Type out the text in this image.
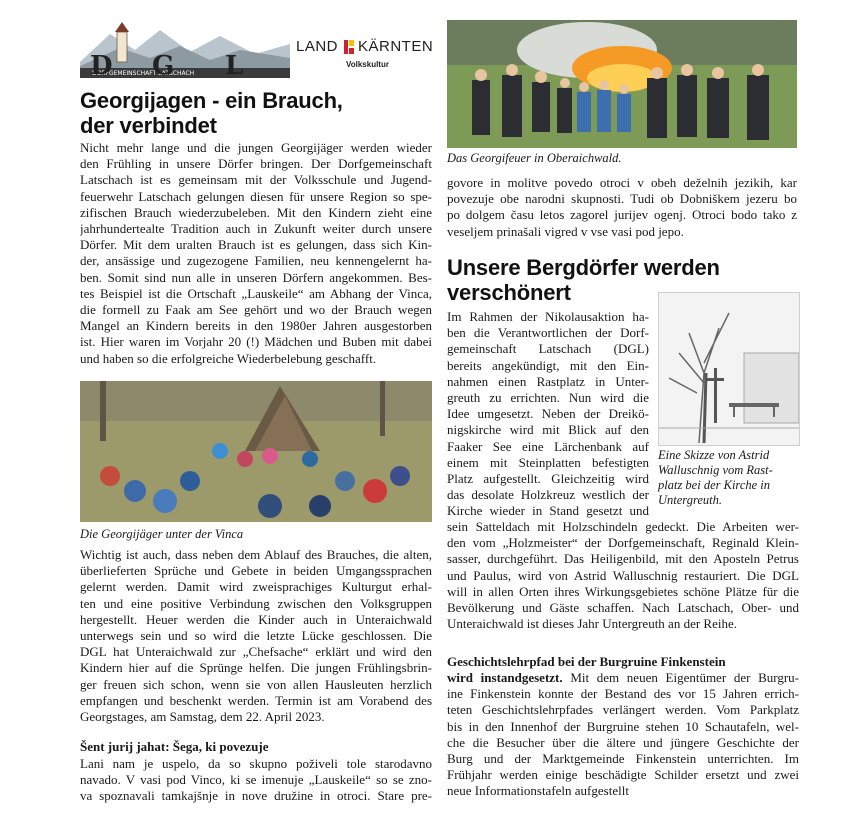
DORFGEMEINSCHAFT LATSCHACH
D G L
LAND KÄRNTEN
Volkskultur
Georgijagen - ein Brauch,
der verbindet
Nicht mehr lange und die jungen Georgijäger werden wieder
den Frühling in unsere Dörfer bringen. Der Dorfgemeinschaft
Latschach ist es gemeinsam mit der Volksschule und Jugend-
feuerwehr Latschach gelungen diesen für unsere Region so spe-
zifischen Brauch wiederzubeleben. Mit den Kindern zieht eine
jahrhundertealte Tradition auch in Zukunft weiter durch unsere
Dörfer. Mit dem uralten Brauch ist es gelungen, dass sich Kin-
der, ansässige und zugezogene Familien, neu kennengelernt ha-
ben. Somit sind nun alle in unseren Dörfern angekommen. Bes-
tes Beispiel ist die Ortschaft „Lauskeile“ am Abhang der Vinca,
die formell zu Faak am See gehört und wo der Brauch wegen
Mangel an Kindern bereits in den 1980er Jahren ausgestorben
ist. Hier waren im Vorjahr 20 (!) Mädchen und Buben mit dabei
und haben so die erfolgreiche Wiederbelebung geschafft.
Die Georgijäger unter der Vinca
Wichtig ist auch, dass neben dem Ablauf des Brauches, die alten,
überlieferten Sprüche und Gebete in beiden Umgangssprachen
gelernt werden. Damit wird zweisprachiges Kulturgut erhal-
ten und eine positive Verbindung zwischen den Volksgruppen
hergestellt. Heuer werden die Kinder auch in Unteraichwald
unterwegs sein und so wird die letzte Lücke geschlossen. Die
DGL hat Unteraichwald zur „Chefsache“ erklärt und wird den
Kindern hier auf die Sprünge helfen. Die jungen Frühlingsbrin-
ger freuen sich schon, wenn sie von allen Hausleuten herzlich
empfangen und beschenkt werden. Termin ist am Vorabend des
Georgstages, am Samstag, dem 22. April 2023.
Šent jurij jahat: Šega, ki povezuje
Lani nam je uspelo, da so skupno poživeli tole starodavno
navado. V vasi pod Vinco, ki se imenuje „Lauskeile“ so se zno-
va spoznavali tamkajšnje in nove družine in otroci. Stare pre-
Das Georgifeuer in Oberaichwald.
govore in molitve povedo otroci v obeh deželnih jezikih, kar
povezuje obe narodni skupnosti. Tudi ob Dobniškem jezeru bo
po dolgem času letos zagorel jurijev ogenj. Otroci bodo tako z
veseljem prinašali vigred v vse vasi pod jepo.
Unsere Bergdörfer werden
verschönert
Im Rahmen der Nikolausaktion ha-
ben die Verantwortlichen der Dorf-
gemeinschaft Latschach (DGL)
bereits angekündigt, mit den Ein-
nahmen einen Rastplatz in Unter-
greuth zu errichten. Nun wird die
Idee umgesetzt. Neben der Dreikö-
nigskirche wird mit Blick auf den
Faaker See eine Lärchenbank auf
einem mit Steinplatten befestigten
Platz aufgestellt. Gleichzeitig wird
das desolate Holzkreuz westlich der
Kirche wieder in Stand gesetzt und
Eine Skizze von Astrid
Walluschnig vom Rast-
platz bei der Kirche in
Untergreuth.
sein Satteldach mit Holzschindeln gedeckt. Die Arbeiten wer-
den vom „Holzmeister“ der Dorfgemeinschaft, Reginald Klein-
sasser, durchgeführt. Das Heiligenbild, mit den Aposteln Petrus
und Paulus, wird von Astrid Walluschnig restauriert. Die DGL
will in allen Orten ihres Wirkungsgebietes schöne Plätze für die
Bevölkerung und Gäste schaffen. Nach Latschach, Ober- und
Unteraichwald ist dieses Jahr Untergreuth an der Reihe.
Geschichtslehrpfad bei der Burgruine Finkenstein
wird instandgesetzt. Mit dem neuen Eigentümer der Burgru-
ine Finkenstein konnte der Bestand des vor 15 Jahren errich-
teten Geschichtslehrpfades verlängert werden. Vom Parkplatz
bis in den Innenhof der Burgruine stehen 10 Schautafeln, wel-
che die Besucher über die ältere und jüngere Geschichte der
Burg und der Marktgemeinde Finkenstein unterrichten. Im
Frühjahr werden einige beschädigte Schilder ersetzt und zwei
neue Informationstafeln aufgestellt
